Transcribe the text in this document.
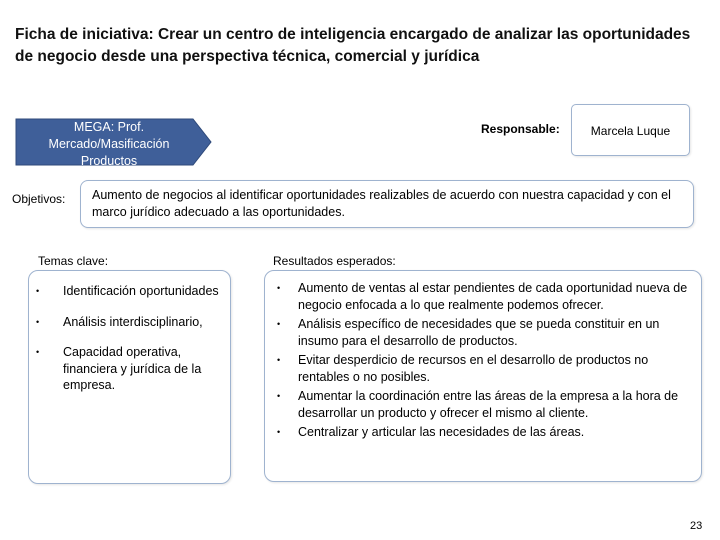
Ficha de iniciativa: Crear un centro de inteligencia encargado de analizar las oportunidades de negocio desde una perspectiva técnica, comercial y jurídica
MEGA: Prof. Mercado/Masificación Productos
Responsable:	Marcela Luque
Objetivos: Aumento de negocios al identificar oportunidades realizables de acuerdo con nuestra capacidad y con el marco jurídico adecuado a las oportunidades.
Temas clave:
• Identificación oportunidades
• Análisis interdisciplinario,
• Capacidad operativa, financiera y jurídica de la empresa.
Resultados esperados:
• Aumento de ventas al estar pendientes de cada oportunidad nueva de negocio enfocada a lo que realmente podemos ofrecer.
• Análisis específico de necesidades que se pueda constituir en un insumo para el desarrollo de productos.
• Evitar desperdicio de recursos en el desarrollo de productos no rentables o no posibles.
• Aumentar la coordinación entre las áreas de la empresa a la hora de desarrollar un producto y ofrecer el mismo al cliente.
• Centralizar y articular las necesidades de las áreas.
23
